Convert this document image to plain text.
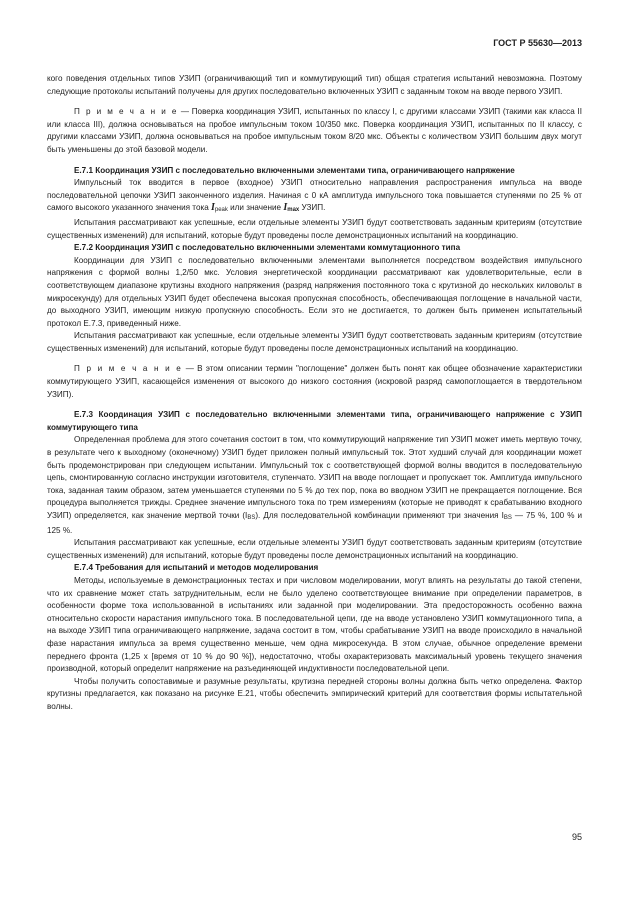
ГОСТ Р 55630—2013

кого поведения отдельных типов УЗИП (ограничивающий тип и коммутирующий тип) общая стратегия испытаний невозможна. Поэтому следующие протоколы испытаний получены для других последовательно включенных УЗИП с заданным током на вводе первого УЗИП.

П р и м е ч а н и е — Поверка координация УЗИП, испытанных по классу I, с другими классами УЗИП (такими как класса II или класса III), должна основываться на пробое импульсным током 10/350 мкс. Поверка координация УЗИП, испытанных по II классу, с другими классами УЗИП, должна основываться на пробое импульсным током 8/20 мкс. Объекты с количеством УЗИП большим двух могут быть уменьшены до этой базовой модели.

Е.7.1 Координация УЗИП с последовательно включенными элементами типа, ограничивающего напряжение

Импульсный ток вводится в первое (входное) УЗИП относительно направления распространения импульса на вводе последовательной цепочки УЗИП законченного изделия. Начиная с 0 кА амплитуда импульсного тока повышается ступенями по 25 % от самого высокого указанного значения тока Ipeak или значение Imax УЗИП.

Испытания рассматривают как успешные, если отдельные элементы УЗИП будут соответствовать заданным критериям (отсутствие существенных изменений) для испытаний, которые будут проведены после демонстрационных испытаний на координацию.

Е.7.2 Координация УЗИП с последовательно включенными элементами коммутационного типа

Координации для УЗИП с последовательно включенными элементами выполняется посредством воздействия импульсного напряжения с формой волны 1,2/50 мкс. Условия энергетической координации рассматривают как удовлетворительные, если в соответствующем диапазоне крутизны входного напряжения (разряд напряжения постоянного тока с крутизной до нескольких киловольт в микросекунду) для отдельных УЗИП будет обеспечена высокая пропускная способность, обеспечивающая поглощение в начальной части, до выходного УЗИП, имеющим низкую пропускную способность. Если это не достигается, то должен быть применен испытательный протокол Е.7.3, приведенный ниже.

Испытания рассматривают как успешные, если отдельные элементы УЗИП будут соответствовать заданным критериям (отсутствие существенных изменений) для испытаний, которые будут проведены после демонстрационных испытаний на координацию.

П р и м е ч а н и е — В этом описании термин "поглощение" должен быть понят как общее обозначение характеристики коммутирующего УЗИП, касающейся изменения от высокого до низкого состояния (искровой разряд самопоглощается в твердотельном УЗИП).

Е.7.3 Координация УЗИП с последовательно включенными элементами типа, ограничивающего напряжение с УЗИП коммутирующего типа

Определенная проблема для этого сочетания состоит в том, что коммутирующий напряжение тип УЗИП может иметь мертвую точку, в результате чего к выходному (оконечному) УЗИП будет приложен полный импульсный ток. Этот худший случай для координации может быть продемонстрирован при следующем испытании. Импульсный ток с соответствующей формой волны вводится в последовательную цепь, смонтированную согласно инструкции изготовителя, ступенчато. УЗИП на вводе поглощает и пропускает ток. Амплитуда импульсного тока, заданная таким образом, затем уменьшается ступенями по 5 % до тех пор, пока во вводном УЗИП не прекращается поглощение. Вся процедура выполняется трижды. Среднее значение импульсного тока по трем измерениям (которые не приводят к срабатыванию входного УЗИП) определяется, как значение мертвой точки (IBS). Для последовательной комбинации применяют три значения IBS — 75 %, 100 % и 125 %.

Испытания рассматривают как успешные, если отдельные элементы УЗИП будут соответствовать заданным критериям (отсутствие существенных изменений) для испытаний, которые будут проведены после демонстрационных испытаний на координацию.

Е.7.4 Требования для испытаний и методов моделирования

Методы, используемые в демонстрационных тестах и при числовом моделировании, могут влиять на результаты до такой степени, что их сравнение может стать затруднительным, если не было уделено соответствующее внимание при определении параметров, в особенности форме тока использованной в испытаниях или заданной при моделировании. Эта предосторожность особенно важна относительно скорости нарастания импульсного тока. В последовательной цепи, где на вводе установлено УЗИП коммутационного типа, а на выходе УЗИП типа ограничивающего напряжение, задача состоит в том, чтобы срабатывание УЗИП на вводе происходило в начальной фазе нарастания импульса за время существенно меньше, чем одна микросекунда. В этом случае, обычное определение времени переднего фронта (1,25 х [время от 10 % до 90 %]), недостаточно, чтобы охарактеризовать максимальный уровень текущего значения производной, который определит напряжение на разъединяющей индуктивности последовательной цепи.

Чтобы получить сопоставимые и разумные результаты, крутизна передней стороны волны должна быть четко определена. Фактор крутизны предлагается, как показано на рисунке Е.21, чтобы обеспечить эмпирический критерий для соответствия формы испытательной волны.

95
